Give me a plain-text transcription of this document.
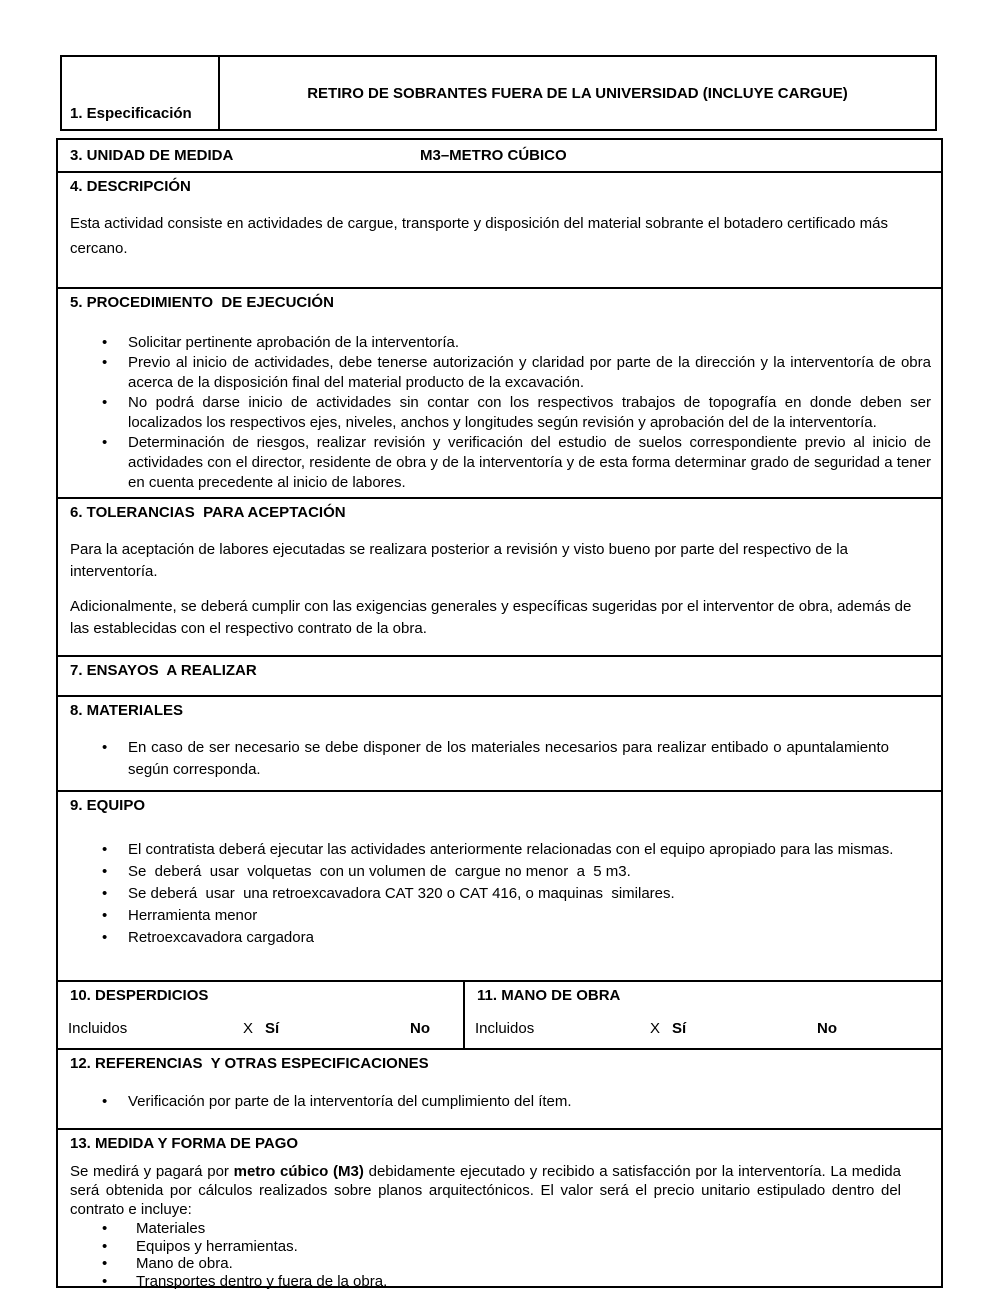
1. Especificación

RETIRO DE SOBRANTES FUERA DE LA UNIVERSIDAD (INCLUYE CARGUE)
3. UNIDAD DE MEDIDA	M3–METRO CÚBICO
4. DESCRIPCIÓN

Esta actividad consiste en actividades de cargue, transporte y disposición del material sobrante el botadero certificado más cercano.

5. PROCEDIMIENTO  DE EJECUCIÓN
• Solicitar pertinente aprobación de la interventoría.
• Previo al inicio de actividades, debe tenerse autorización y claridad por parte de la dirección y la interventoría de obra acerca de la disposición final del material producto de la excavación.
• No podrá darse inicio de actividades sin contar con los respectivos trabajos de topografía en donde deben ser localizados los respectivos ejes, niveles, anchos y longitudes según revisión y aprobación del de la interventoría.
• Determinación de riesgos, realizar revisión y verificación del estudio de suelos correspondiente previo al inicio de actividades con el director, residente de obra y de la interventoría y de esta forma determinar grado de seguridad a tener en cuenta precedente al inicio de labores.
6. TOLERANCIAS  PARA ACEPTACIÓN

Para la aceptación de labores ejecutadas se realizara posterior a revisión y visto bueno por parte del respectivo de la interventoría.

Adicionalmente, se deberá cumplir con las exigencias generales y específicas sugeridas por el interventor de obra, además de las establecidas con el respectivo contrato de la obra.

7. ENSAYOS  A REALIZAR
8. MATERIALES
• En caso de ser necesario se debe disponer de los materiales necesarios para realizar entibado o apuntalamiento según corresponda.
9. EQUIPO
• El contratista deberá ejecutar las actividades anteriormente relacionadas con el equipo apropiado para las mismas.
• Se  deberá  usar  volquetas  con un volumen de  cargue no menor  a  5 m3.
• Se deberá  usar  una retroexcavadora CAT 320 o CAT 416, o maquinas  similares.
• Herramienta menor
• Retroexcavadora cargadora
10. DESPERDICIOS
Incluidos	X Sí	No
11. MANO DE OBRA
Incluidos	X Sí	No
12. REFERENCIAS  Y OTRAS ESPECIFICACIONES
• Verificación por parte de la interventoría del cumplimiento del ítem.
13. MEDIDA Y FORMA DE PAGO

Se medirá y pagará por metro cúbico (M3) debidamente ejecutado y recibido a satisfacción por la interventoría. La medida será obtenida por cálculos realizados sobre planos arquitectónicos. El valor será el precio unitario estipulado dentro del contrato e incluye:

• Materiales
• Equipos y herramientas.
• Mano de obra.
• Transportes dentro y fuera de la obra.
